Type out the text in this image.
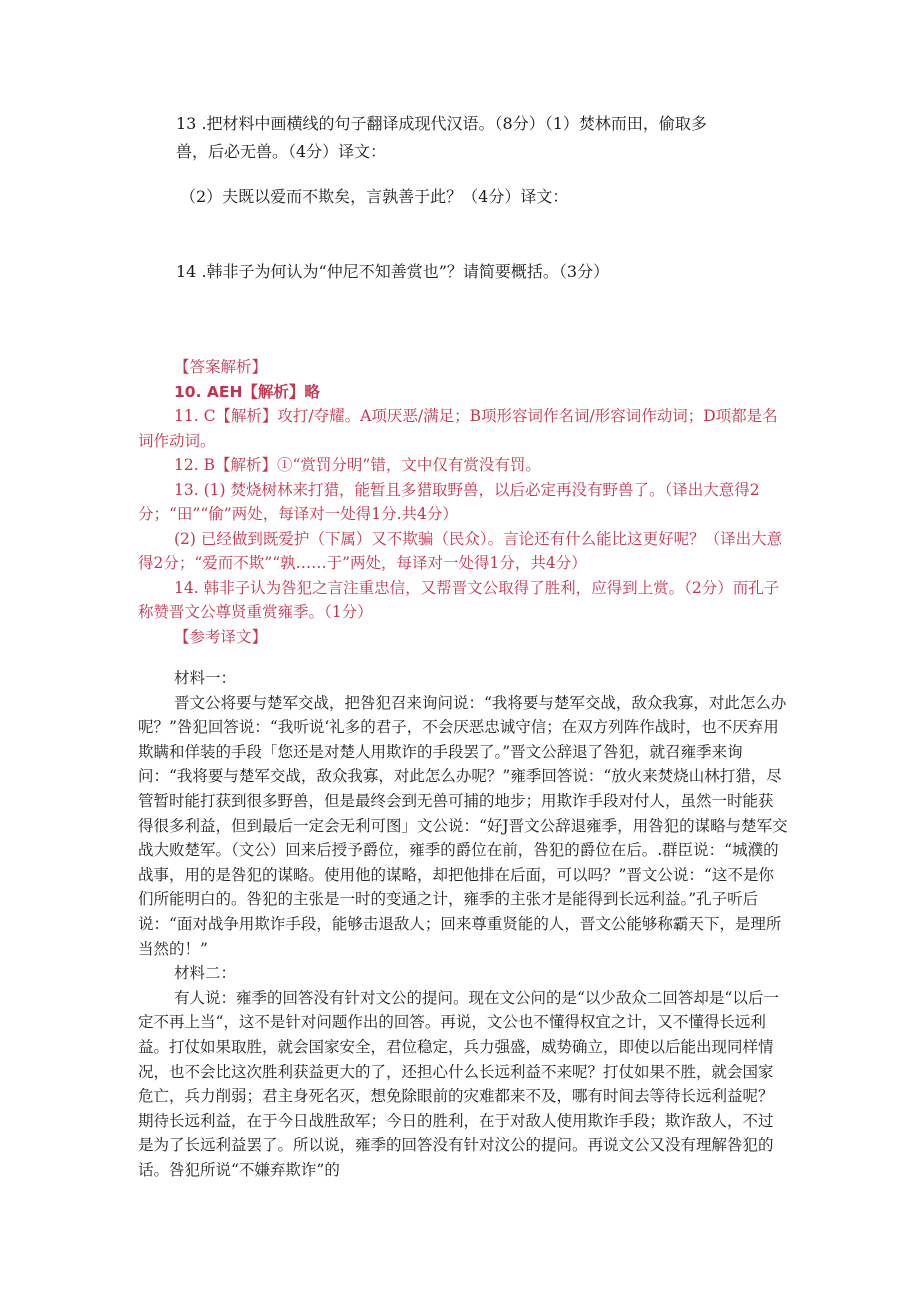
13 .把材料中画横线的句子翻译成现代汉语。（8分）（1）焚林而田，偷取多
兽，后必无兽。（4分）译文：
（2）夫既以爱而不欺矣，言孰善于此？（4分）译文：
14 .韩非子为何认为“仲尼不知善赏也”？请简要概括。（3分）

【答案解析】

10. AEH【解析】略

11. C【解析】攻打/夺耀。A项厌恶/满足；B项形容词作名词/形容词作动词；D项都是名词作动词。

12. B【解析】①“赏罚分明”错，文中仅有赏没有罚。

13. (1) 焚烧树林来打猎，能暂且多猎取野兽，以后必定再没有野兽了。（译出大意得2分；“田”“偷”两处，每译对一处得1分.共4分）

(2) 已经做到既爱护（下属）又不欺骗（民众）。言论还有什么能比这更好呢？（译出大意得2分；“爱而不欺”“孰……于”两处，每译对一处得1分，共4分）

14. 韩非子认为咎犯之言注重忠信，又帮晋文公取得了胜利，应得到上赏。（2分）而孔子称赞晋文公尊贤重赏雍季。（1分）

【参考译文】

材料一：

晋文公将要与楚军交战，把咎犯召来询问说：“我将要与楚军交战，敌众我寡，对此怎么办呢？”咎犯回答说：“我听说‘礼多的君子，不会厌恶忠诚守信；在双方列阵作战时，也不厌弃用欺瞒和佯装的手段「您还是对楚人用欺诈的手段罢了。”晋文公辞退了咎犯，就召雍季来询问：“我将要与楚军交战，敌众我寡，对此怎么办呢？”雍季回答说：“放火来焚烧山林打猎，尽管暂时能打获到很多野兽，但是最终会到无兽可捕的地步；用欺诈手段对付人，虽然一时能获得很多利益，但到最后一定会无利可图」文公说：“好J晋文公辞退雍季，用咎犯的谋略与楚军交战大败楚军。（文公）回来后授予爵位，雍季的爵位在前，咎犯的爵位在后。.群臣说：“城濮的战事，用的是咎犯的谋略。使用他的谋略，却把他排在后面，可以吗？”晋文公说：“这不是你们所能明白的。咎犯的主张是一时的变通之计，雍季的主张才是能得到长远利益。”孔子听后说：“面对战争用欺诈手段，能够击退敌人；回来尊重贤能的人，晋文公能够称霸天下，是理所当然的！”

材料二：

有人说：雍季的回答没有针对文公的提问。现在文公问的是“以少敌众二回答却是“以后一定不再上当“，这不是针对问题作出的回答。再说，文公也不懂得权宜之计，又不懂得长远利益。打仗如果取胜，就会国家安全，君位稳定，兵力强盛，威势确立，即使以后能出现同样情况，也不会比这次胜利获益更大的了，还担心什么长远利益不来呢？打仗如果不胜，就会国家危亡，兵力削弱；君主身死名灭，想免除眼前的灾难都来不及，哪有时间去等待长远利益呢？期待长远利益，在于今日战胜敌军；今日的胜利，在于对敌人使用欺诈手段；欺诈敌人，不过是为了长远利益罢了。所以说，雍季的回答没有针对汶公的提问。再说文公又没有理解咎犯的话。咎犯所说“不嫌弃欺诈”的
